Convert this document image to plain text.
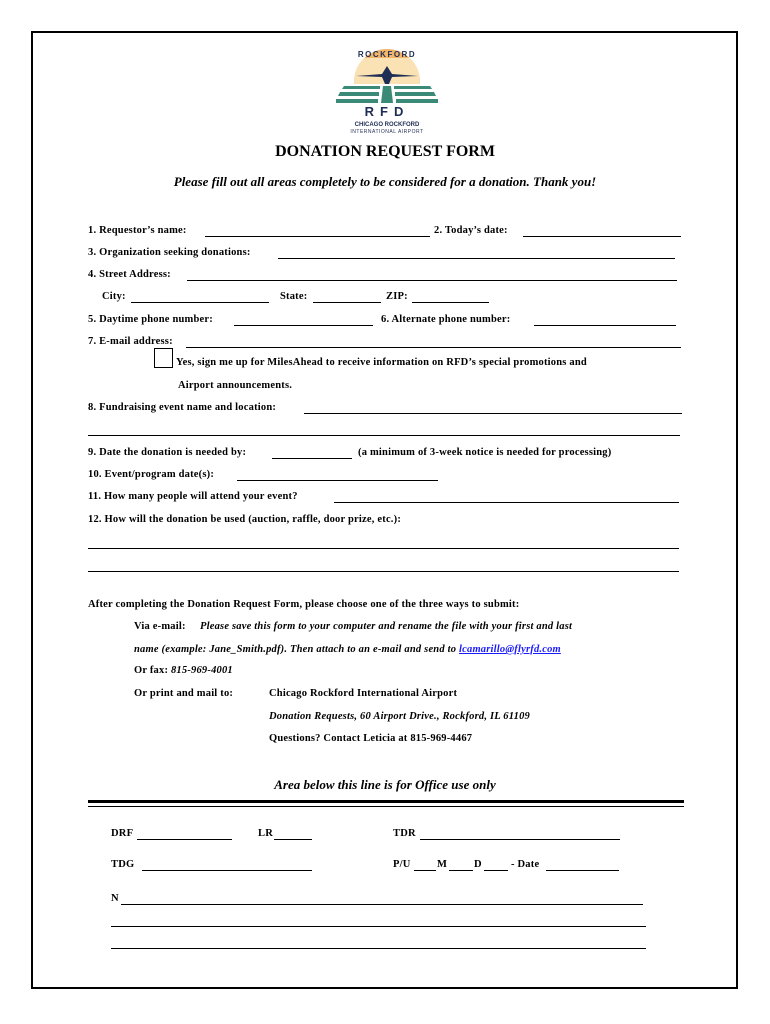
ROCKFORD
RFD
CHICAGO ROCKFORD
INTERNATIONAL AIRPORT
DONATION REQUEST FORM
Please fill out all areas completely to be considered for a donation. Thank you!
1. Requestor’s name:	2. Today’s date:
3. Organization seeking donations:
4. Street Address:
City:	State:	ZIP:
5. Daytime phone number:	6. Alternate phone number:
7. E-mail address:
Yes, sign me up for MilesAhead to receive information on RFD’s special promotions and
Airport announcements.
8. Fundraising event name and location:
9. Date the donation is needed by:	(a minimum of 3-week notice is needed for processing)
10. Event/program date(s):
11. How many people will attend your event?
12. How will the donation be used (auction, raffle, door prize, etc.):
After completing the Donation Request Form, please choose one of the three ways to submit:
Via e-mail: Please save this form to your computer and rename the file with your first and last
name (example: Jane_Smith.pdf). Then attach to an e-mail and send to lcamarillo@flyrfd.com
Or fax: 815-969-4001
Or print and mail to:	Chicago Rockford International Airport
Donation Requests, 60 Airport Drive., Rockford, IL 61109
Questions? Contact Leticia at 815-969-4467
Area below this line is for Office use only
DRF	LR	TDR
TDG	P/U	M	D	- Date
N
